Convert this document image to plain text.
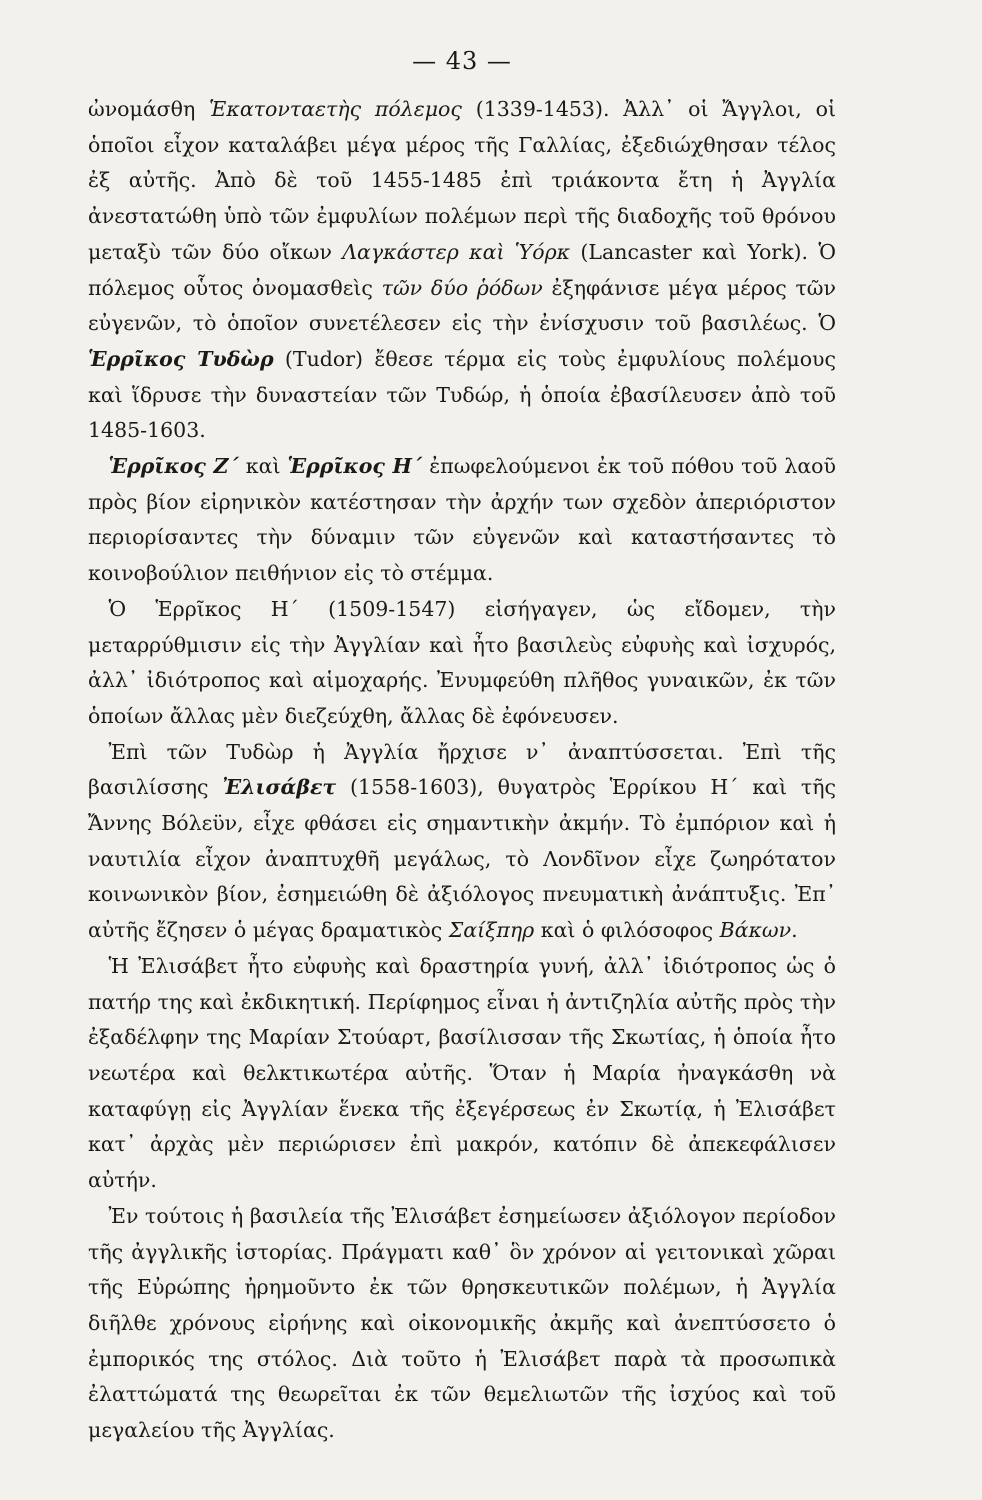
— 43 —

ὠνομάσθη Ἑκατονταετὴς πόλεμος (1339-1453). Ἀλλ᾿ οἱ Ἄγγλοι, οἱ ὁποῖοι εἶχον καταλάβει μέγα μέρος τῆς Γαλλίας, ἐξεδιώχθησαν τέλος ἐξ αὐτῆς. Ἀπὸ δὲ τοῦ 1455-1485 ἐπὶ τριάκοντα ἔτη ἡ Ἀγγλία ἀνεστατώθη ὑπὸ τῶν ἐμφυλίων πολέμων περὶ τῆς διαδοχῆς τοῦ θρόνου μεταξὺ τῶν δύο οἴκων Λαγκάστερ καὶ Ὑόρκ (Lancaster καὶ York). Ὁ πόλεμος οὗτος ὀνομασθεὶς τῶν δύο ῥόδων ἐξηφάνισε μέγα μέρος τῶν εὐγενῶν, τὸ ὁποῖον συνετέλεσεν εἰς τὴν ἐνίσχυσιν τοῦ βασιλέως. Ὁ Ἑρρῖκος Τυδὼρ (Tudor) ἔθεσε τέρμα εἰς τοὺς ἐμφυλίους πολέμους καὶ ἵδρυσε τὴν δυναστείαν τῶν Τυδώρ, ἡ ὁποία ἐβασίλευσεν ἀπὸ τοῦ 1485-1603.

Ἑρρῖκος Ζ΄ καὶ Ἑρρῖκος Η΄ ἐπωφελούμενοι ἐκ τοῦ πόθου τοῦ λαοῦ πρὸς βίον εἰρηνικὸν κατέστησαν τὴν ἀρχήν των σχεδὸν ἀπεριόριστον περιορίσαντες τὴν δύναμιν τῶν εὐγενῶν καὶ καταστήσαντες τὸ κοινοβούλιον πειθήνιον εἰς τὸ στέμμα.

Ὁ Ἑρρῖκος Η΄ (1509-1547) εἰσήγαγεν, ὡς εἴδομεν, τὴν μεταρρύθμισιν εἰς τὴν Ἀγγλίαν καὶ ἦτο βασιλεὺς εὐφυὴς καὶ ἰσχυρός, ἀλλ᾿ ἰδιότροπος καὶ αἱμοχαρής. Ἐνυμφεύθη πλῆθος γυναικῶν, ἐκ τῶν ὁποίων ἄλλας μὲν διεζεύχθη, ἄλλας δὲ ἐφόνευσεν.

Ἐπὶ τῶν Τυδὼρ ἡ Ἀγγλία ἤρχισε ν᾿ ἀναπτύσσεται. Ἐπὶ τῆς βασιλίσσης Ἐλισάβετ (1558-1603), θυγατρὸς Ἑρρίκου Η΄ καὶ τῆς Ἄννης Βόλεϋν, εἶχε φθάσει εἰς σημαντικὴν ἀκμήν. Τὸ ἐμπόριον καὶ ἡ ναυτιλία εἶχον ἀναπτυχθῆ μεγάλως, τὸ Λονδῖνον εἶχε ζωηρότατον κοινωνικὸν βίον, ἐσημειώθη δὲ ἀξιόλογος πνευματικὴ ἀνάπτυξις. Ἐπ᾿ αὐτῆς ἔζησεν ὁ μέγας δραματικὸς Σαίξπηρ καὶ ὁ φιλόσοφος Βάκων.

Ἡ Ἐλισάβετ ἦτο εὐφυὴς καὶ δραστηρία γυνή, ἀλλ᾿ ἰδιότροπος ὡς ὁ πατήρ της καὶ ἐκδικητική. Περίφημος εἶναι ἡ ἀντιζηλία αὐτῆς πρὸς τὴν ἐξαδέλφην της Μαρίαν Στούαρτ, βασίλισσαν τῆς Σκωτίας, ἡ ὁποία ἦτο νεωτέρα καὶ θελκτικωτέρα αὐτῆς. Ὅταν ἡ Μαρία ἠναγκάσθη νὰ καταφύγῃ εἰς Ἀγγλίαν ἕνεκα τῆς ἐξεγέρσεως ἐν Σκωτίᾳ, ἡ Ἐλισάβετ κατ᾿ ἀρχὰς μὲν περιώρισεν ἐπὶ μακρόν, κατόπιν δὲ ἀπεκεφάλισεν αὐτήν.

Ἐν τούτοις ἡ βασιλεία τῆς Ἐλισάβετ ἐσημείωσεν ἀξιόλογον περίοδον τῆς ἀγγλικῆς ἱστορίας. Πράγματι καθ᾿ ὃν χρόνον αἱ γειτονικαὶ χῶραι τῆς Εὐρώπης ἠρημοῦντο ἐκ τῶν θρησκευτικῶν πολέμων, ἡ Ἀγγλία διῆλθε χρόνους εἰρήνης καὶ οἰκονομικῆς ἀκμῆς καὶ ἀνεπτύσσετο ὁ ἐμπορικός της στόλος. Διὰ τοῦτο ἡ Ἐλισάβετ παρὰ τὰ προσωπικὰ ἐλαττώματά της θεωρεῖται ἐκ τῶν θεμελιωτῶν τῆς ἰσχύος καὶ τοῦ μεγαλείου τῆς Ἀγγλίας.
